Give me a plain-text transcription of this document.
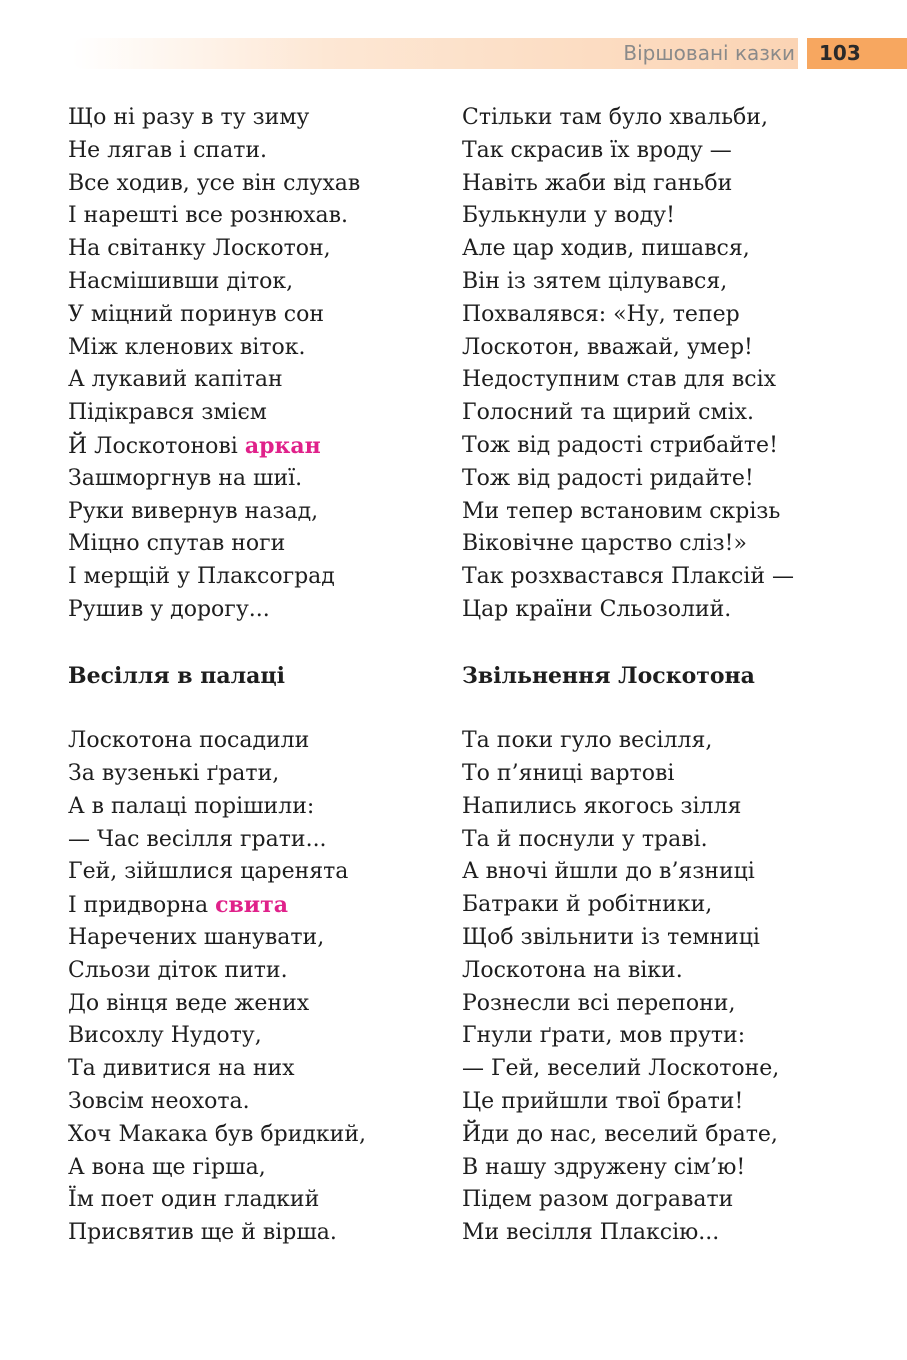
Віршовані казки	103
Що ні разу в ту зиму
Не лягав і спати.
Все ходив, усе він слухав
І нарешті все рознюхав.
На світанку Лоскотон,
Насмішивши діток,
У міцний поринув сон
Між кленових віток.
А лукавий капітан
Підікрався змієм
Й Лоскотонові аркан
Зашморгнув на шиї.
Руки вивернув назад,
Міцно спутав ноги
І мерщій у Плаксоград
Рушив у дорогу...
Весілля в палаці
Лоскотона посадили
За вузенькі ґрати,
А в палаці порішили:
— Час весілля грати...
Гей, зійшлися царенята
І придворна свита
Наречених шанувати,
Сльози діток пити.
До вінця веде жених
Висохлу Нудоту,
Та дивитися на них
Зовсім неохота.
Хоч Макака був бридкий,
А вона ще гірша,
Їм поет один гладкий
Присвятив ще й вірша.
Стільки там було хвальби,
Так скрасив їх вроду —
Навіть жаби від ганьби
Булькнули у воду!
Але цар ходив, пишався,
Він із зятем цілувався,
Похвалявся: «Ну, тепер
Лоскотон, вважай, умер!
Недоступним став для всіх
Голосний та щирий сміх.
Тож від радості стрибайте!
Тож від радості ридайте!
Ми тепер встановим скрізь
Віковічне царство сліз!»
Так розхвастався Плаксій —
Цар країни Сльозолий.
Звільнення Лоскотона
Та поки гуло весілля,
То п’яниці вартові
Напились якогось зілля
Та й поснули у траві.
А вночі йшли до в’язниці
Батраки й робітники,
Щоб звільнити із темниці
Лоскотона на віки.
Рознесли всі перепони,
Гнули ґрати, мов прути:
— Гей, веселий Лоскотоне,
Це прийшли твої брати!
Йди до нас, веселий брате,
В нашу здружену сім’ю!
Підем разом догравати
Ми весілля Плаксію...
